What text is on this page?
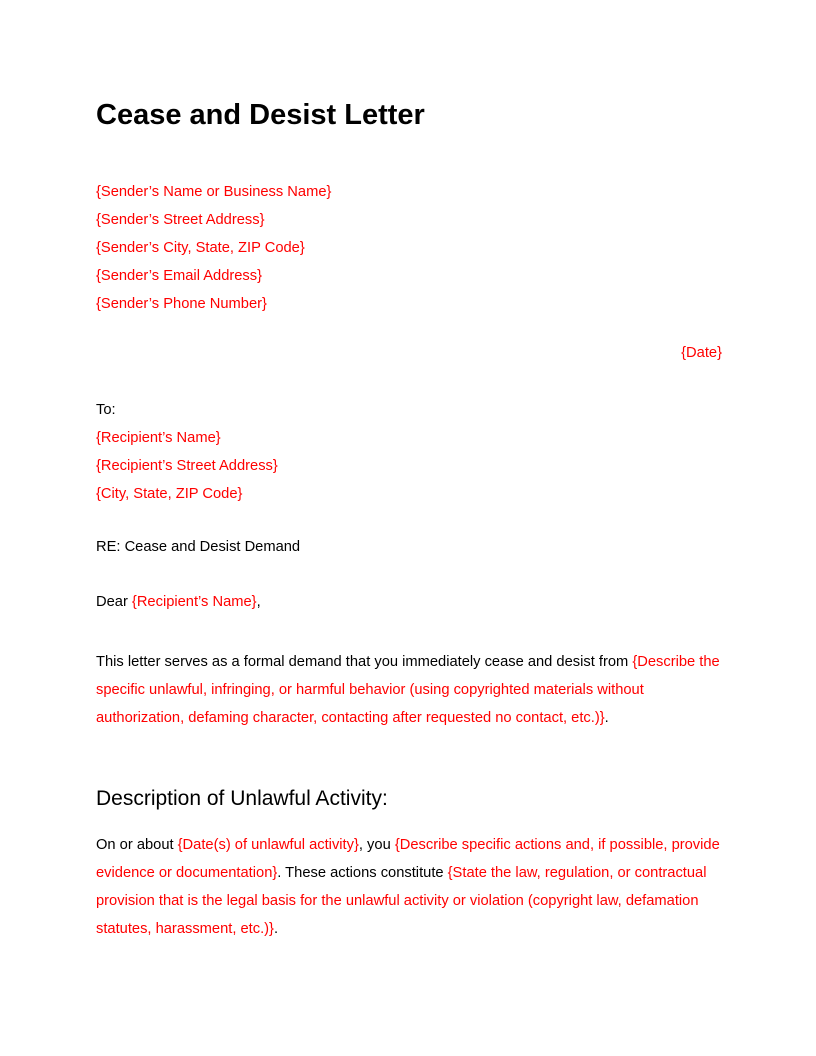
Cease and Desist Letter
{Sender’s Name or Business Name}
{Sender’s Street Address}
{Sender’s City, State, ZIP Code}
{Sender’s Email Address}
{Sender’s Phone Number}
{Date}
To:
{Recipient’s Name}
{Recipient’s Street Address}
{City, State, ZIP Code}
RE: Cease and Desist Demand

Dear {Recipient’s Name},

This letter serves as a formal demand that you immediately cease and desist from {Describe the specific unlawful, infringing, or harmful behavior (using copyrighted materials without authorization, defaming character, contacting after requested no contact, etc.)}.

Description of Unlawful Activity:

On or about {Date(s) of unlawful activity}, you {Describe specific actions and, if possible, provide evidence or documentation}. These actions constitute {State the law, regulation, or contractual provision that is the legal basis for the unlawful activity or violation (copyright law, defamation statutes, harassment, etc.)}.
